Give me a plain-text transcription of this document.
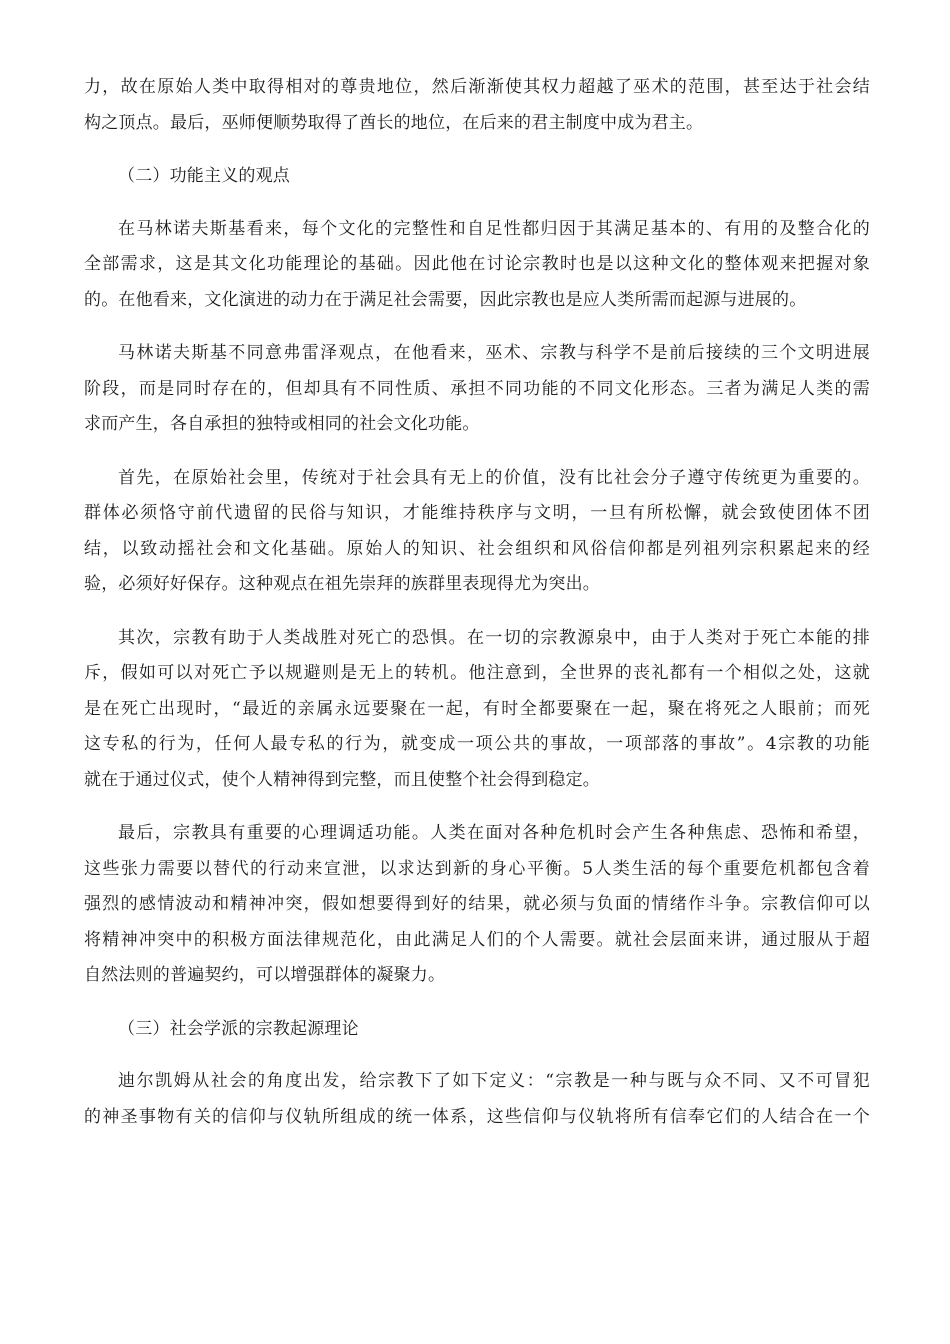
力，故在原始人类中取得相对的尊贵地位，然后渐渐使其权力超越了巫术的范围，甚至达于社会结
构之顶点。最后，巫师便顺势取得了酋长的地位，在后来的君主制度中成为君主。
（二）功能主义的观点
在马林诺夫斯基看来，每个文化的完整性和自足性都归因于其满足基本的、有用的及整合化的
全部需求，这是其文化功能理论的基础。因此他在讨论宗教时也是以这种文化的整体观来把握对象
的。在他看来，文化演进的动力在于满足社会需要，因此宗教也是应人类所需而起源与进展的。
马林诺夫斯基不同意弗雷泽观点，在他看来，巫术、宗教与科学不是前后接续的三个文明进展
阶段，而是同时存在的，但却具有不同性质、承担不同功能的不同文化形态。三者为满足人类的需
求而产生，各自承担的独特或相同的社会文化功能。
首先，在原始社会里，传统对于社会具有无上的价值，没有比社会分子遵守传统更为重要的。
群体必须恪守前代遗留的民俗与知识，才能维持秩序与文明，一旦有所松懈，就会致使团体不团
结，以致动摇社会和文化基础。原始人的知识、社会组织和风俗信仰都是列祖列宗积累起来的经
验，必须好好保存。这种观点在祖先崇拜的族群里表现得尤为突出。
其次，宗教有助于人类战胜对死亡的恐惧。在一切的宗教源泉中，由于人类对于死亡本能的排
斥，假如可以对死亡予以规避则是无上的转机。他注意到，全世界的丧礼都有一个相似之处，这就
是在死亡出现时，“最近的亲属永远要聚在一起，有时全都要聚在一起，聚在将死之人眼前；而死
这专私的行为，任何人最专私的行为，就变成一项公共的事故，一项部落的事故”。4宗教的功能
就在于通过仪式，使个人精神得到完整，而且使整个社会得到稳定。
最后，宗教具有重要的心理调适功能。人类在面对各种危机时会产生各种焦虑、恐怖和希望，
这些张力需要以替代的行动来宣泄，以求达到新的身心平衡。5人类生活的每个重要危机都包含着
强烈的感情波动和精神冲突，假如想要得到好的结果，就必须与负面的情绪作斗争。宗教信仰可以
将精神冲突中的积极方面法律规范化，由此满足人们的个人需要。就社会层面来讲，通过服从于超
自然法则的普遍契约，可以增强群体的凝聚力。
（三）社会学派的宗教起源理论
迪尔凯姆从社会的角度出发，给宗教下了如下定义：“宗教是一种与既与众不同、又不可冒犯
的神圣事物有关的信仰与仪轨所组成的统一体系，这些信仰与仪轨将所有信奉它们的人结合在一个
